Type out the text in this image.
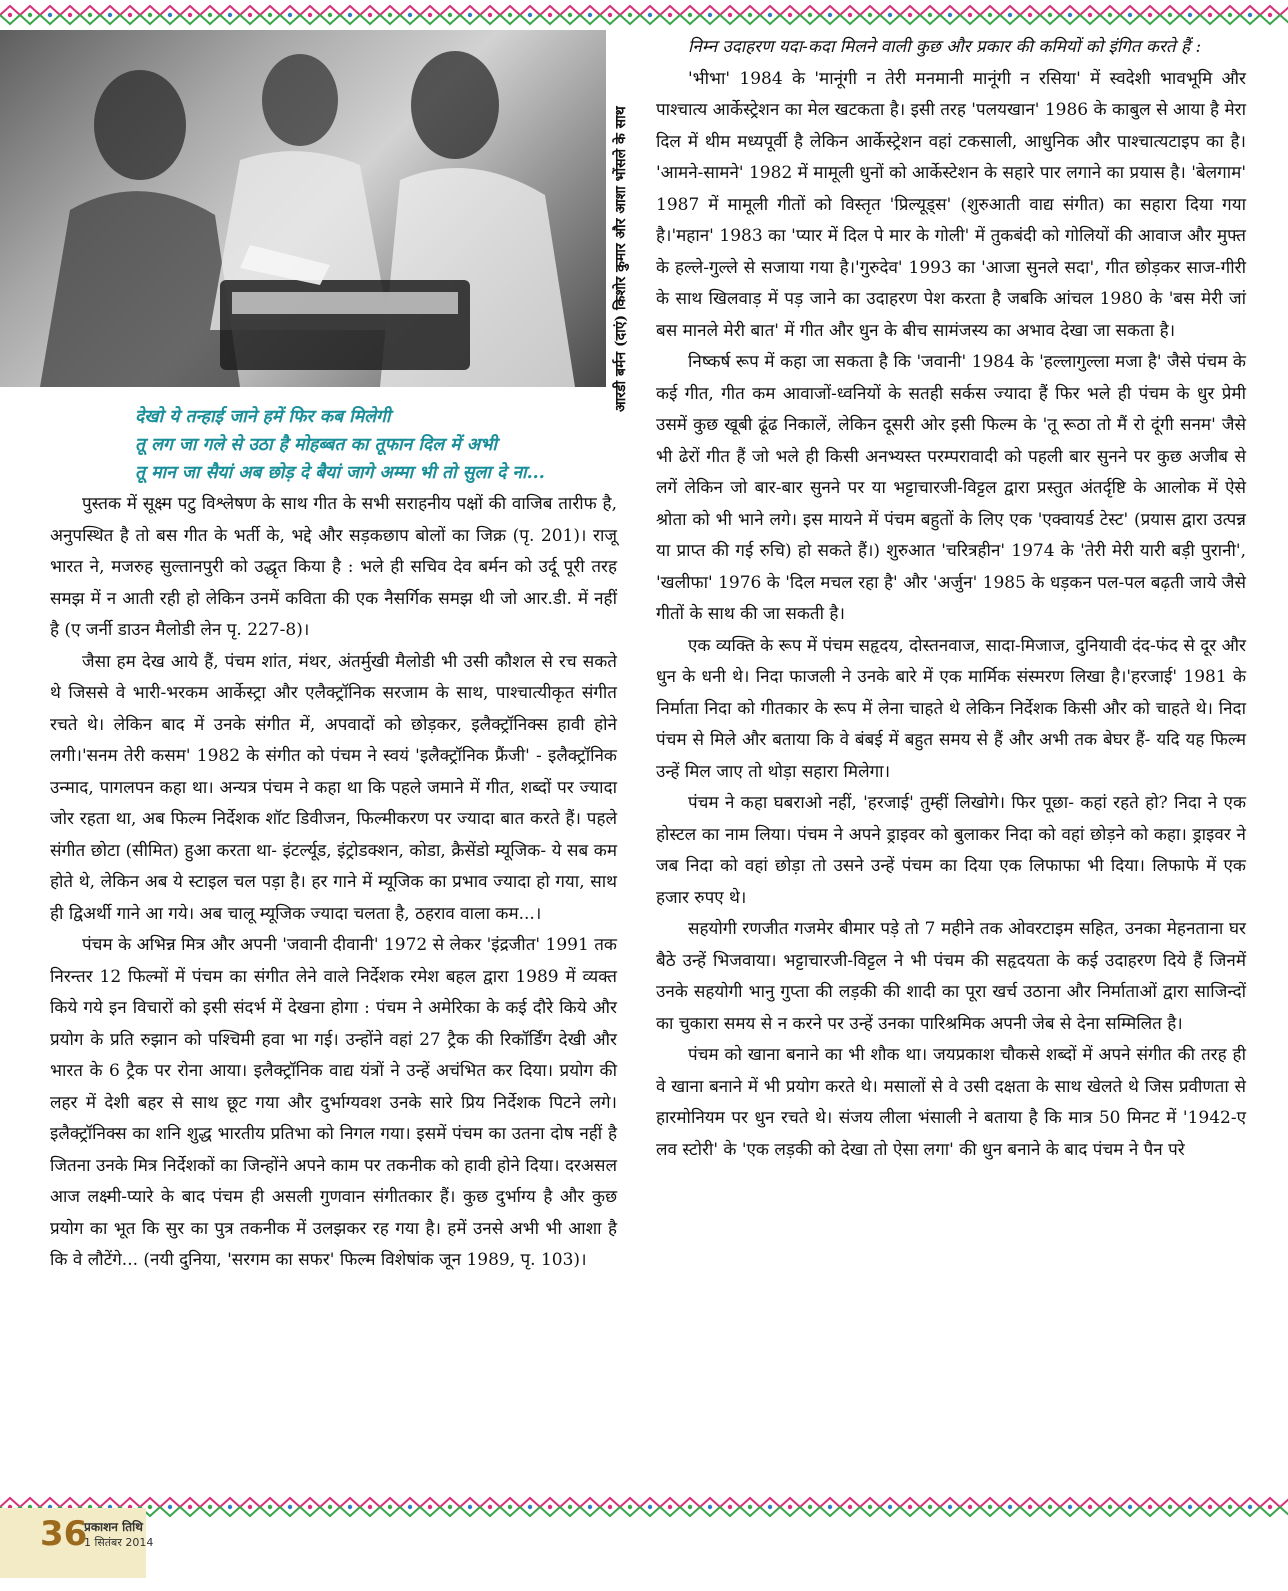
आरडी बर्मन (दाएं) किशोर कुमार और आशा भोंसले के साथ
देखो ये तन्हाई जाने हमें फिर कब मिलेगी
तू लग जा गले से उठा है मोहब्बत का तूफान दिल में अभी
तू मान जा सैयां अब छोड़ दे बैयां जागे अम्मा भी तो सुला दे ना...

पुस्तक में सूक्ष्म पटु विश्लेषण के साथ गीत के सभी सराहनीय पक्षों की वाजिब तारीफ है, अनुपस्थित है तो बस गीत के भर्ती के, भद्दे और सड़कछाप बोलों का जिक्र (पृ. 201)। राजू भारत ने, मजरुह सुल्तानपुरी को उद्धृत किया है : भले ही सचिव देव बर्मन को उर्दू पूरी तरह समझ में न आती रही हो लेकिन उनमें कविता की एक नैसर्गिक समझ थी जो आर.डी. में नहीं है (ए जर्नी डाउन मैलोडी लेन पृ. 227-8)।

जैसा हम देख आये हैं, पंचम शांत, मंथर, अंतर्मुखी मैलोडी भी उसी कौशल से रच सकते थे जिससे वे भारी-भरकम आर्केस्ट्रा और एलैक्ट्रॉनिक सरजाम के साथ, पाश्चात्यीकृत संगीत रचते थे। लेकिन बाद में उनके संगीत में, अपवादों को छोड़कर, इलैक्ट्रॉनिक्स हावी होने लगी।'सनम तेरी कसम' 1982 के संगीत को पंचम ने स्वयं 'इलैक्ट्रॉनिक फ्रैंजी' - इलैक्ट्रॉनिक उन्माद, पागलपन कहा था। अन्यत्र पंचम ने कहा था कि पहले जमाने में गीत, शब्दों पर ज्यादा जोर रहता था, अब फिल्म निर्देशक शॉट डिवीजन, फिल्मीकरण पर ज्यादा बात करते हैं। पहले संगीत छोटा (सीमित) हुआ करता था- इंटर्ल्यूड, इंट्रोडक्शन, कोडा, क्रैसेंडो म्यूजिक- ये सब कम होते थे, लेकिन अब ये स्टाइल चल पड़ा है। हर गाने में म्यूजिक का प्रभाव ज्यादा हो गया, साथ ही द्विअर्थी गाने आ गये। अब चालू म्यूजिक ज्यादा चलता है, ठहराव वाला कम...।

पंचम के अभिन्न मित्र और अपनी 'जवानी दीवानी' 1972 से लेकर 'इंद्रजीत' 1991 तक निरन्तर 12 फिल्मों में पंचम का संगीत लेने वाले निर्देशक रमेश बहल द्वारा 1989 में व्यक्त किये गये इन विचारों को इसी संदर्भ में देखना होगा : पंचम ने अमेरिका के कई दौरे किये और प्रयोग के प्रति रुझान को पश्चिमी हवा भा गई। उन्होंने वहां 27 ट्रैक की रिकॉर्डिंग देखी और भारत के 6 ट्रैक पर रोना आया। इलैक्ट्रॉनिक वाद्य यंत्रों ने उन्हें अचंभित कर दिया। प्रयोग की लहर में देशी बहर से साथ छूट गया और दुर्भाग्यवश उनके सारे प्रिय निर्देशक पिटने लगे। इलैक्ट्रॉनिक्स का शनि शुद्ध भारतीय प्रतिभा को निगल गया। इसमें पंचम का उतना दोष नहीं है जितना उनके मित्र निर्देशकों का जिन्होंने अपने काम पर तकनीक को हावी होने दिया। दरअसल आज लक्ष्मी-प्यारे के बाद पंचम ही असली गुणवान संगीतकार हैं। कुछ दुर्भाग्य है और कुछ प्रयोग का भूत कि सुर का पुत्र तकनीक में उलझकर रह गया है। हमें उनसे अभी भी आशा है कि वे लौटेंगे... (नयी दुनिया, 'सरगम का सफर' फिल्म विशेषांक जून 1989, पृ. 103)।

निम्न उदाहरण यदा-कदा मिलने वाली कुछ और प्रकार की कमियों को इंगित करते हैं :

'भीभा' 1984 के 'मानूंगी न तेरी मनमानी मानूंगी न रसिया' में स्वदेशी भावभूमि और पाश्चात्य आर्केस्ट्रेशन का मेल खटकता है। इसी तरह 'पलयखान' 1986 के काबुल से आया है मेरा दिल में थीम मध्यपूर्वी है लेकिन आर्केस्ट्रेशन वहां टकसाली, आधुनिक और पाश्चात्यटाइप का है। 'आमने-सामने' 1982 में मामूली धुनों को आर्केस्टेशन के सहारे पार लगाने का प्रयास है। 'बेलगाम' 1987 में मामूली गीतों को विस्तृत 'प्रिल्यूड्स' (शुरुआती वाद्य संगीत) का सहारा दिया गया है।'महान' 1983 का 'प्यार में दिल पे मार के गोली' में तुकबंदी को गोलियों की आवाज और मुफ्त के हल्ले-गुल्ले से सजाया गया है।'गुरुदेव' 1993 का 'आजा सुनले सदा', गीत छोड़कर साज-गीरी के साथ खिलवाड़ में पड़ जाने का उदाहरण पेश करता है जबकि आंचल 1980 के 'बस मेरी जां बस मानले मेरी बात' में गीत और धुन के बीच सामंजस्य का अभाव देखा जा सकता है।

निष्कर्ष रूप में कहा जा सकता है कि 'जवानी' 1984 के 'हल्लागुल्ला मजा है' जैसे पंचम के कई गीत, गीत कम आवाजों-ध्वनियों के सतही सर्कस ज्यादा हैं फिर भले ही पंचम के धुर प्रेमी उसमें कुछ खूबी ढूंढ निकालें, लेकिन दूसरी ओर इसी फिल्म के 'तू रूठा तो मैं रो दूंगी सनम' जैसे भी ढेरों गीत हैं जो भले ही किसी अनभ्यस्त परम्परावादी को पहली बार सुनने पर कुछ अजीब से लगें लेकिन जो बार-बार सुनने पर या भट्टाचारजी-विट्टल द्वारा प्रस्तुत अंतर्दृष्टि के आलोक में ऐसे श्रोता को भी भाने लगे। इस मायने में पंचम बहुतों के लिए एक 'एक्वायर्ड टेस्ट' (प्रयास द्वारा उत्पन्न या प्राप्त की गई रुचि) हो सकते हैं।) शुरुआत 'चरित्रहीन' 1974 के 'तेरी मेरी यारी बड़ी पुरानी', 'खलीफा' 1976 के 'दिल मचल रहा है' और 'अर्जुन' 1985 के धड़कन पल-पल बढ़ती जाये जैसे गीतों के साथ की जा सकती है।

एक व्यक्ति के रूप में पंचम सहृदय, दोस्तनवाज, सादा-मिजाज, दुनियावी दंद-फंद से दूर और धुन के धनी थे। निदा फाजली ने उनके बारे में एक मार्मिक संस्मरण लिखा है।'हरजाई' 1981 के निर्माता निदा को गीतकार के रूप में लेना चाहते थे लेकिन निर्देशक किसी और को चाहते थे। निदा पंचम से मिले और बताया कि वे बंबई में बहुत समय से हैं और अभी तक बेघर हैं- यदि यह फिल्म उन्हें मिल जाए तो थोड़ा सहारा मिलेगा।

पंचम ने कहा घबराओ नहीं, 'हरजाई' तुम्हीं लिखोगे। फिर पूछा- कहां रहते हो? निदा ने एक होस्टल का नाम लिया। पंचम ने अपने ड्राइवर को बुलाकर निदा को वहां छोड़ने को कहा। ड्राइवर ने जब निदा को वहां छोड़ा तो उसने उन्हें पंचम का दिया एक लिफाफा भी दिया। लिफाफे में एक हजार रुपए थे।

सहयोगी रणजीत गजमेर बीमार पड़े तो 7 महीने तक ओवरटाइम सहित, उनका मेहनताना घर बैठे उन्हें भिजवाया। भट्टाचारजी-विट्टल ने भी पंचम की सहृदयता के कई उदाहरण दिये हैं जिनमें उनके सहयोगी भानु गुप्ता की लड़की की शादी का पूरा खर्च उठाना और निर्माताओं द्वारा साजिन्दों का चुकारा समय से न करने पर उन्हें उनका पारिश्रमिक अपनी जेब से देना सम्मिलित है।

पंचम को खाना बनाने का भी शौक था। जयप्रकाश चौकसे शब्दों में अपने संगीत की तरह ही वे खाना बनाने में भी प्रयोग करते थे। मसालों से वे उसी दक्षता के साथ खेलते थे जिस प्रवीणता से हारमोनियम पर धुन रचते थे। संजय लीला भंसाली ने बताया है कि मात्र 50 मिनट में '1942-ए लव स्टोरी' के 'एक लड़की को देखा तो ऐसा लगा' की धुन बनाने के बाद पंचम ने पैन परे

36
प्रकाशन तिथि
1 सितंबर 2014
